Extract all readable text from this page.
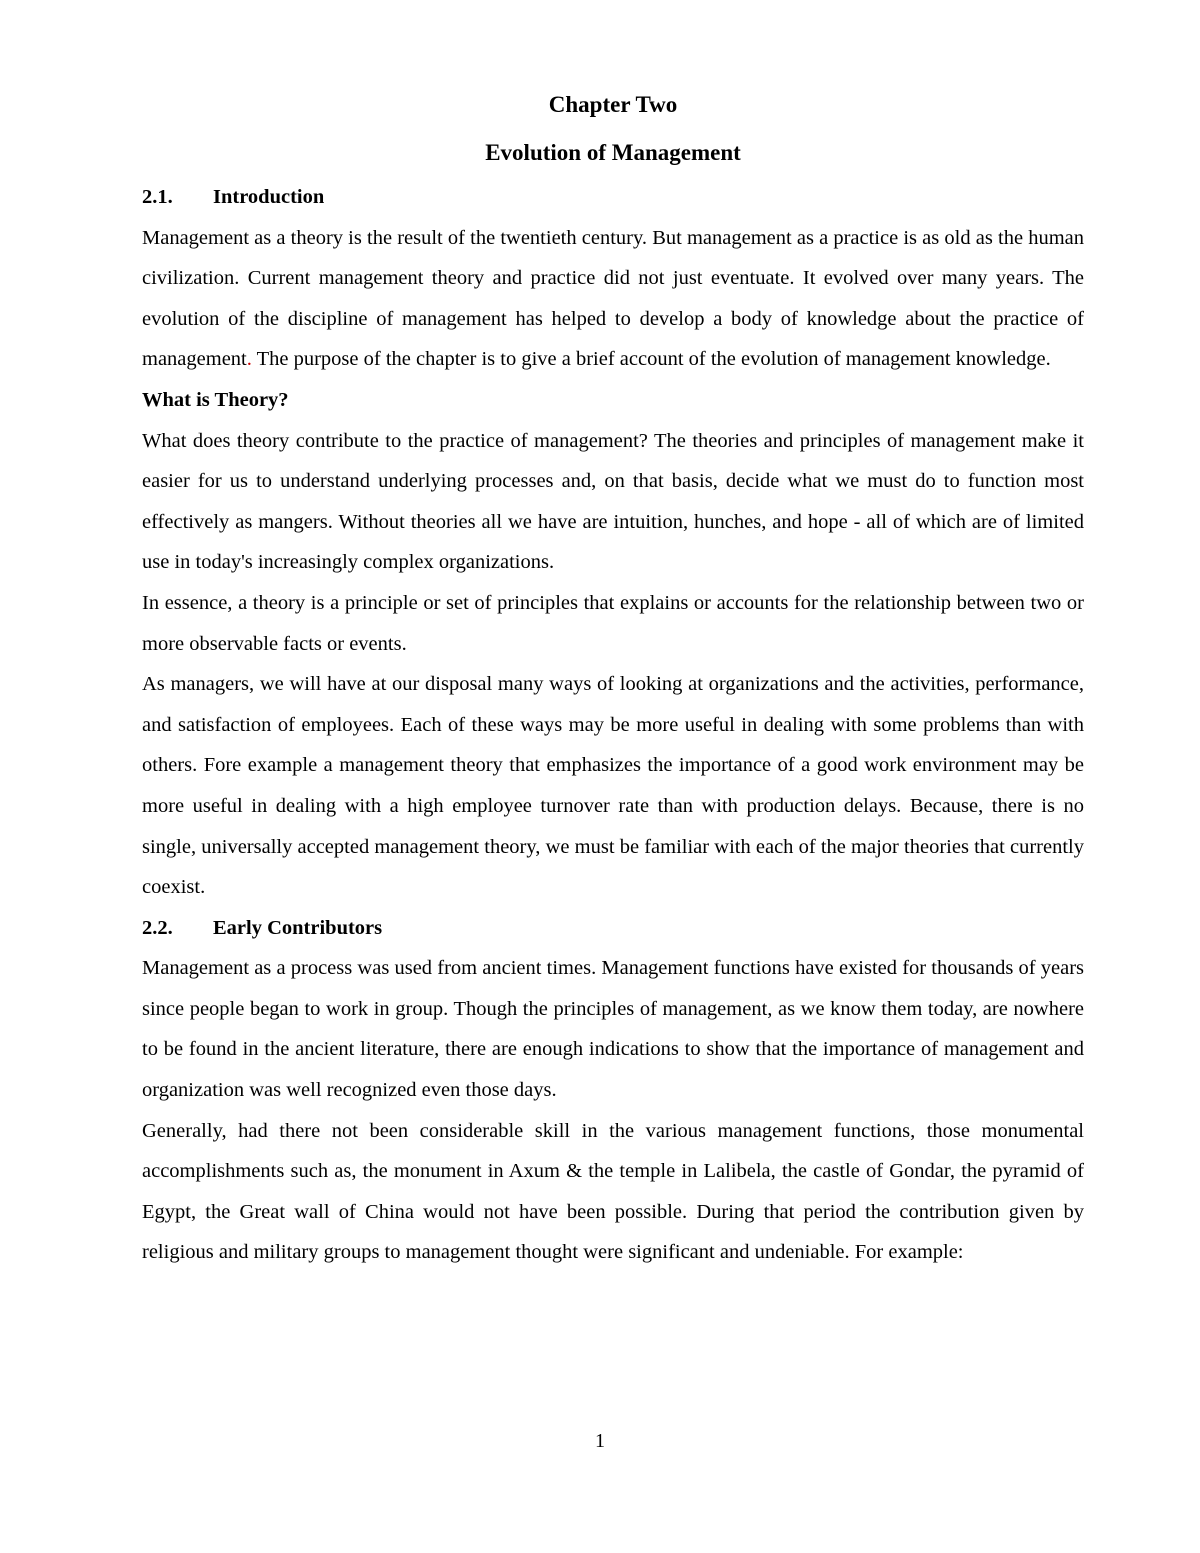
Chapter Two
Evolution of Management
2.1. Introduction

Management as a theory is the result of the twentieth century. But management as a practice is as old as the human civilization. Current management theory and practice did not just eventuate. It evolved over many years. The evolution of the discipline of management has helped to develop a body of knowledge about the practice of management. The purpose of the chapter is to give a brief account of the evolution of management knowledge.

What is Theory?

What does theory contribute to the practice of management? The theories and principles of management make it easier for us to understand underlying processes and, on that basis, decide what we must do to function most effectively as mangers. Without theories all we have are intuition, hunches, and hope - all of which are of limited use in today's increasingly complex organizations.

In essence, a theory is a principle or set of principles that explains or accounts for the relationship between two or more observable facts or events.

As managers, we will have at our disposal many ways of looking at organizations and the activities, performance, and satisfaction of employees. Each of these ways may be more useful in dealing with some problems than with others. Fore example a management theory that emphasizes the importance of a good work environment may be more useful in dealing with a high employee turnover rate than with production delays. Because, there is no single, universally accepted management theory, we must be familiar with each of the major theories that currently coexist.

2.2. Early Contributors

Management as a process was used from ancient times. Management functions have existed for thousands of years since people began to work in group. Though the principles of management, as we know them today, are nowhere to be found in the ancient literature, there are enough indications to show that the importance of management and organization was well recognized even those days.

Generally, had there not been considerable skill in the various management functions, those monumental accomplishments such as, the monument in Axum & the temple in Lalibela, the castle of Gondar, the pyramid of Egypt, the Great wall of China would not have been possible. During that period the contribution given by religious and military groups to management thought were significant and undeniable. For example:

1
